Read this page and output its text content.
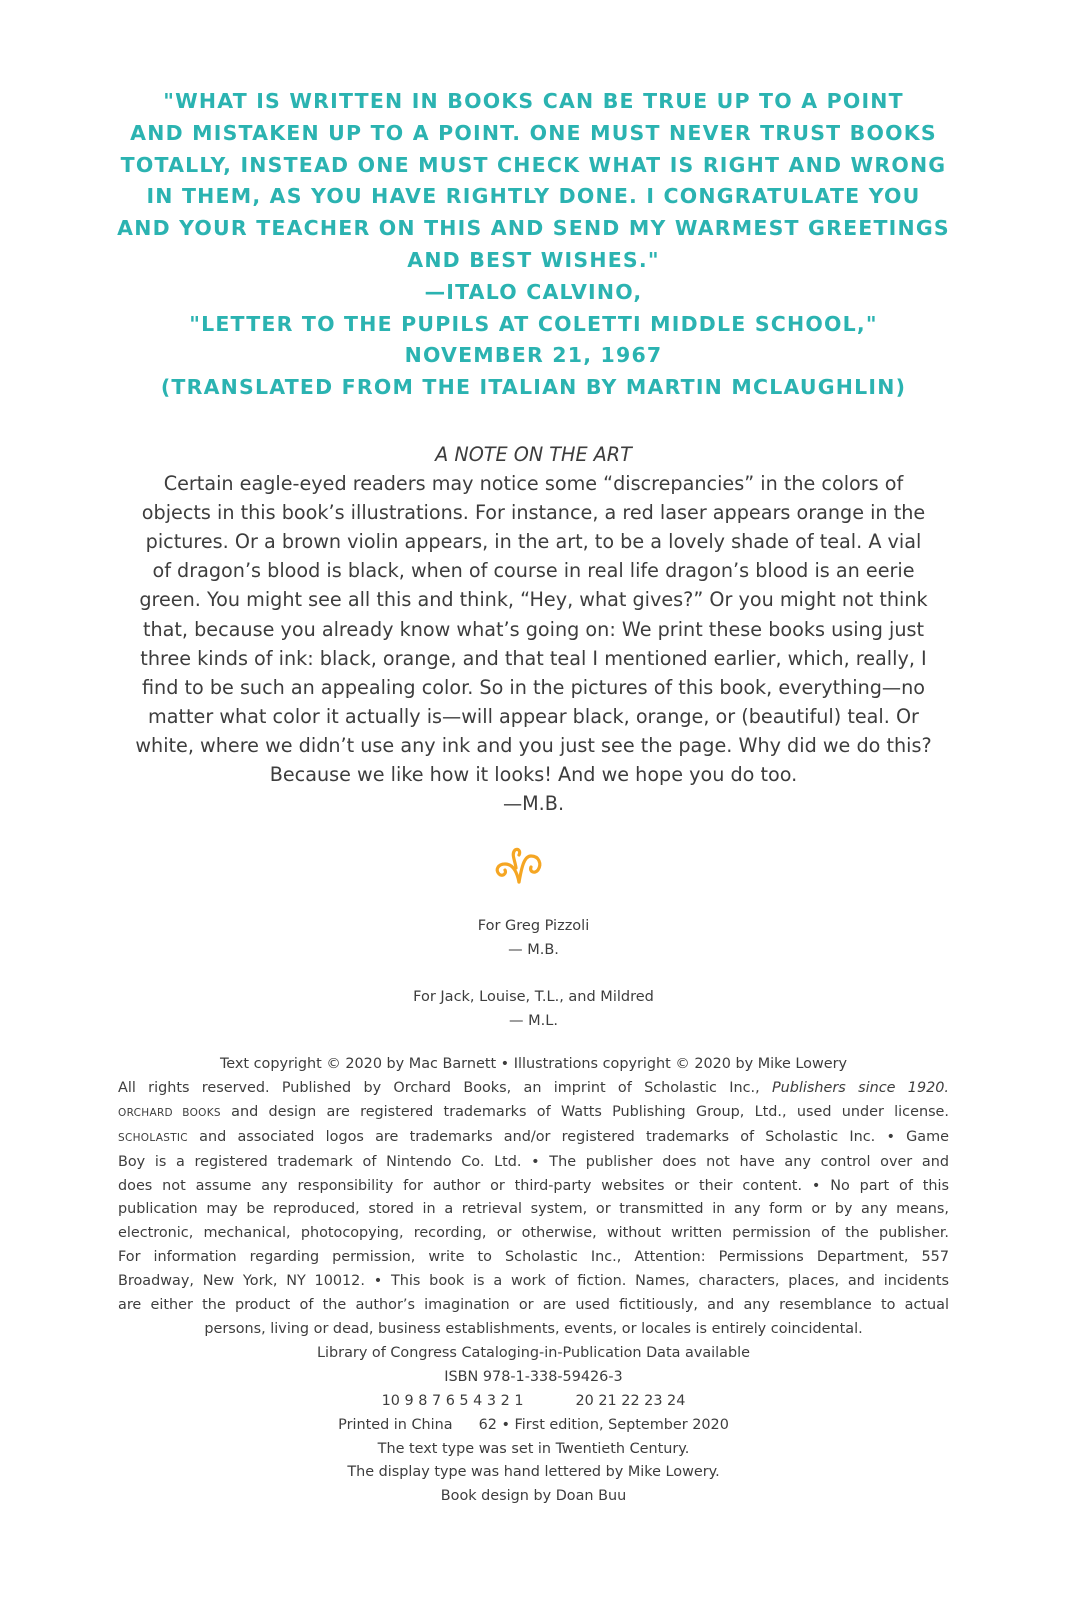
"WHAT IS WRITTEN IN BOOKS CAN BE TRUE UP TO A POINT
AND MISTAKEN UP TO A POINT. ONE MUST NEVER TRUST BOOKS
TOTALLY, INSTEAD ONE MUST CHECK WHAT IS RIGHT AND WRONG
IN THEM, AS YOU HAVE RIGHTLY DONE. I CONGRATULATE YOU
AND YOUR TEACHER ON THIS AND SEND MY WARMEST GREETINGS
AND BEST WISHES."
—ITALO CALVINO,
"LETTER TO THE PUPILS AT COLETTI MIDDLE SCHOOL,"
NOVEMBER 21, 1967
(TRANSLATED FROM THE ITALIAN BY MARTIN MCLAUGHLIN)
A NOTE ON THE ART
Certain eagle-eyed readers may notice some “discrepancies” in the colors of
objects in this book’s illustrations. For instance, a red laser appears orange in the
pictures. Or a brown violin appears, in the art, to be a lovely shade of teal. A vial
of dragon’s blood is black, when of course in real life dragon’s blood is an eerie
green. You might see all this and think, “Hey, what gives?” Or you might not think
that, because you already know what’s going on: We print these books using just
three kinds of ink: black, orange, and that teal I mentioned earlier, which, really, I
find to be such an appealing color. So in the pictures of this book, everything—no
matter what color it actually is—will appear black, orange, or (beautiful) teal. Or
white, where we didn’t use any ink and you just see the page. Why did we do this?
Because we like how it looks! And we hope you do too.
—M.B.
For Greg Pizzoli
— M.B.
For Jack, Louise, T.L., and Mildred
— M.L.
Text copyright © 2020 by Mac Barnett • Illustrations copyright © 2020 by Mike Lowery
All rights reserved. Published by Orchard Books, an imprint of Scholastic Inc., Publishers since 1920.
ORCHARD BOOKS and design are registered trademarks of Watts Publishing Group, Ltd., used under license.
SCHOLASTIC and associated logos are trademarks and/or registered trademarks of Scholastic Inc. • Game
Boy is a registered trademark of Nintendo Co. Ltd. • The publisher does not have any control over and
does not assume any responsibility for author or third-party websites or their content. • No part of this
publication may be reproduced, stored in a retrieval system, or transmitted in any form or by any means,
electronic, mechanical, photocopying, recording, or otherwise, without written permission of the publisher.
For information regarding permission, write to Scholastic Inc., Attention: Permissions Department, 557
Broadway, New York, NY 10012. • This book is a work of fiction. Names, characters, places, and incidents
are either the product of the author’s imagination or are used fictitiously, and any resemblance to actual
persons, living or dead, business establishments, events, or locales is entirely coincidental.
Library of Congress Cataloging-in-Publication Data available
ISBN 978-1-338-59426-3
10 9 8 7 6 5 4 3 2 1	20 21 22 23 24
Printed in China 62 • First edition, September 2020
The text type was set in Twentieth Century.
The display type was hand lettered by Mike Lowery.
Book design by Doan Buu
